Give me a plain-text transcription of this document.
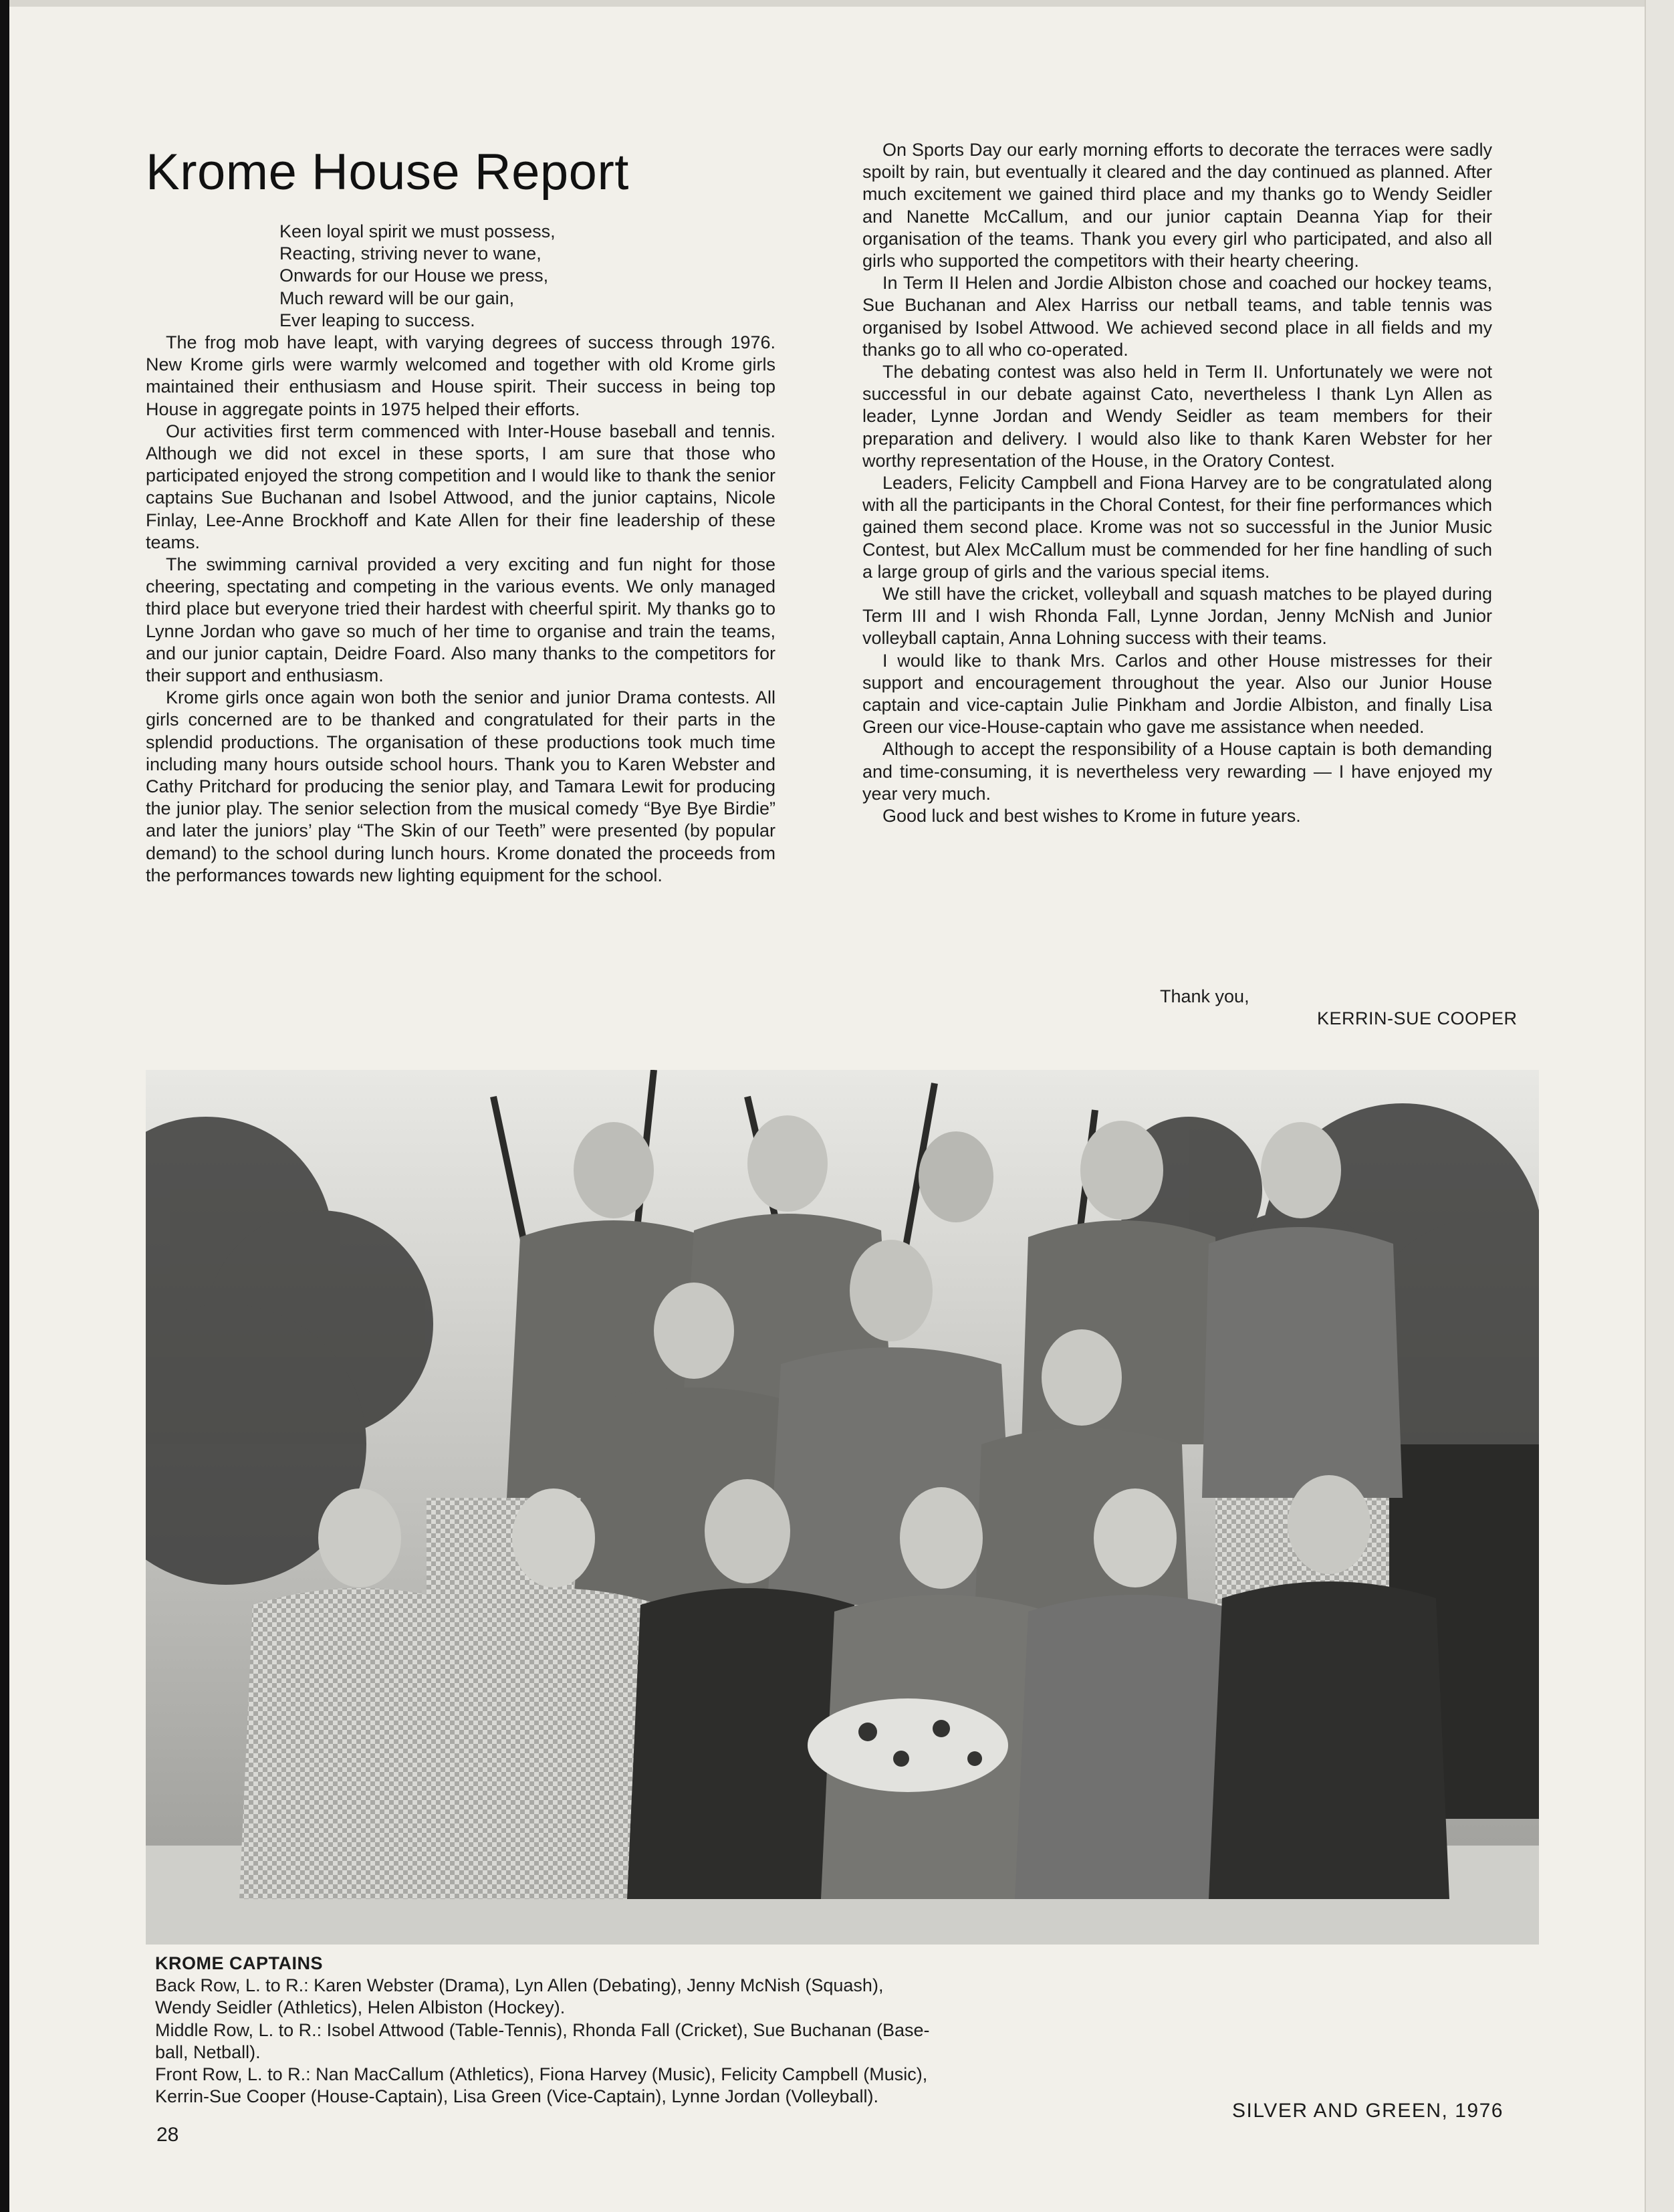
Krome House Report
Keen loyal spirit we must possess,
Reacting, striving never to wane,
Onwards for our House we press,
Much reward will be our gain,
Ever leaping to success.

The frog mob have leapt, with varying degrees of success through 1976. New Krome girls were warmly welcomed and together with old Krome girls maintained their enthusiasm and House spirit. Their success in being top House in aggregate points in 1975 helped their efforts.

Our activities first term commenced with Inter-House baseball and tennis. Although we did not excel in these sports, I am sure that those who participated enjoyed the strong competition and I would like to thank the senior captains Sue Buchanan and Isobel Attwood, and the junior captains, Nicole Finlay, Lee-Anne Brockhoff and Kate Allen for their fine leadership of these teams.

The swimming carnival provided a very exciting and fun night for those cheering, spectating and competing in the various events. We only managed third place but everyone tried their hardest with cheerful spirit. My thanks go to Lynne Jordan who gave so much of her time to organise and train the teams, and our junior captain, Deidre Foard. Also many thanks to the competitors for their support and enthusiasm.

Krome girls once again won both the senior and junior Drama contests. All girls concerned are to be thanked and congratulated for their parts in the splendid productions. The organisation of these productions took much time including many hours outside school hours. Thank you to Karen Webster and Cathy Pritchard for producing the senior play, and Tamara Lewit for producing the junior play. The senior selection from the musical comedy “Bye Bye Birdie” and later the juniors’ play “The Skin of our Teeth” were presented (by popular demand) to the school during lunch hours. Krome donated the proceeds from the performances towards new lighting equipment for the school.

On Sports Day our early morning efforts to decorate the terraces were sadly spoilt by rain, but eventually it cleared and the day continued as planned. After much excitement we gained third place and my thanks go to Wendy Seidler and Nanette McCallum, and our junior captain Deanna Yiap for their organisation of the teams. Thank you every girl who participated, and also all girls who supported the competitors with their hearty cheering.

In Term II Helen and Jordie Albiston chose and coached our hockey teams, Sue Buchanan and Alex Harriss our netball teams, and table tennis was organised by Isobel Attwood. We achieved second place in all fields and my thanks go to all who co-operated.

The debating contest was also held in Term II. Unfortunately we were not successful in our debate against Cato, nevertheless I thank Lyn Allen as leader, Lynne Jordan and Wendy Seidler as team members for their preparation and delivery. I would also like to thank Karen Webster for her worthy representation of the House, in the Oratory Contest.

Leaders, Felicity Campbell and Fiona Harvey are to be congratulated along with all the participants in the Choral Contest, for their fine performances which gained them second place. Krome was not so successful in the Junior Music Contest, but Alex McCallum must be commended for her fine handling of such a large group of girls and the various special items.

We still have the cricket, volleyball and squash matches to be played during Term III and I wish Rhonda Fall, Lynne Jordan, Jenny McNish and Junior volleyball captain, Anna Lohning success with their teams.

I would like to thank Mrs. Carlos and other House mistresses for their support and encouragement throughout the year. Also our Junior House captain and vice-captain Julie Pinkham and Jordie Albiston, and finally Lisa Green our vice-House-captain who gave me assistance when needed.

Although to accept the responsibility of a House captain is both demanding and time-consuming, it is nevertheless very rewarding — I have enjoyed my year very much.

Good luck and best wishes to Krome in future years.

Thank you,
KERRIN-SUE COOPER
KROME CAPTAINS
Back Row, L. to R.: Karen Webster (Drama), Lyn Allen (Debating), Jenny McNish (Squash),
Wendy Seidler (Athletics), Helen Albiston (Hockey).
Middle Row, L. to R.: Isobel Attwood (Table-Tennis), Rhonda Fall (Cricket), Sue Buchanan (Base-
ball, Netball).
Front Row, L. to R.: Nan MacCallum (Athletics), Fiona Harvey (Music), Felicity Campbell (Music),
Kerrin-Sue Cooper (House-Captain), Lisa Green (Vice-Captain), Lynne Jordan (Volleyball).
28
SILVER AND GREEN, 1976
